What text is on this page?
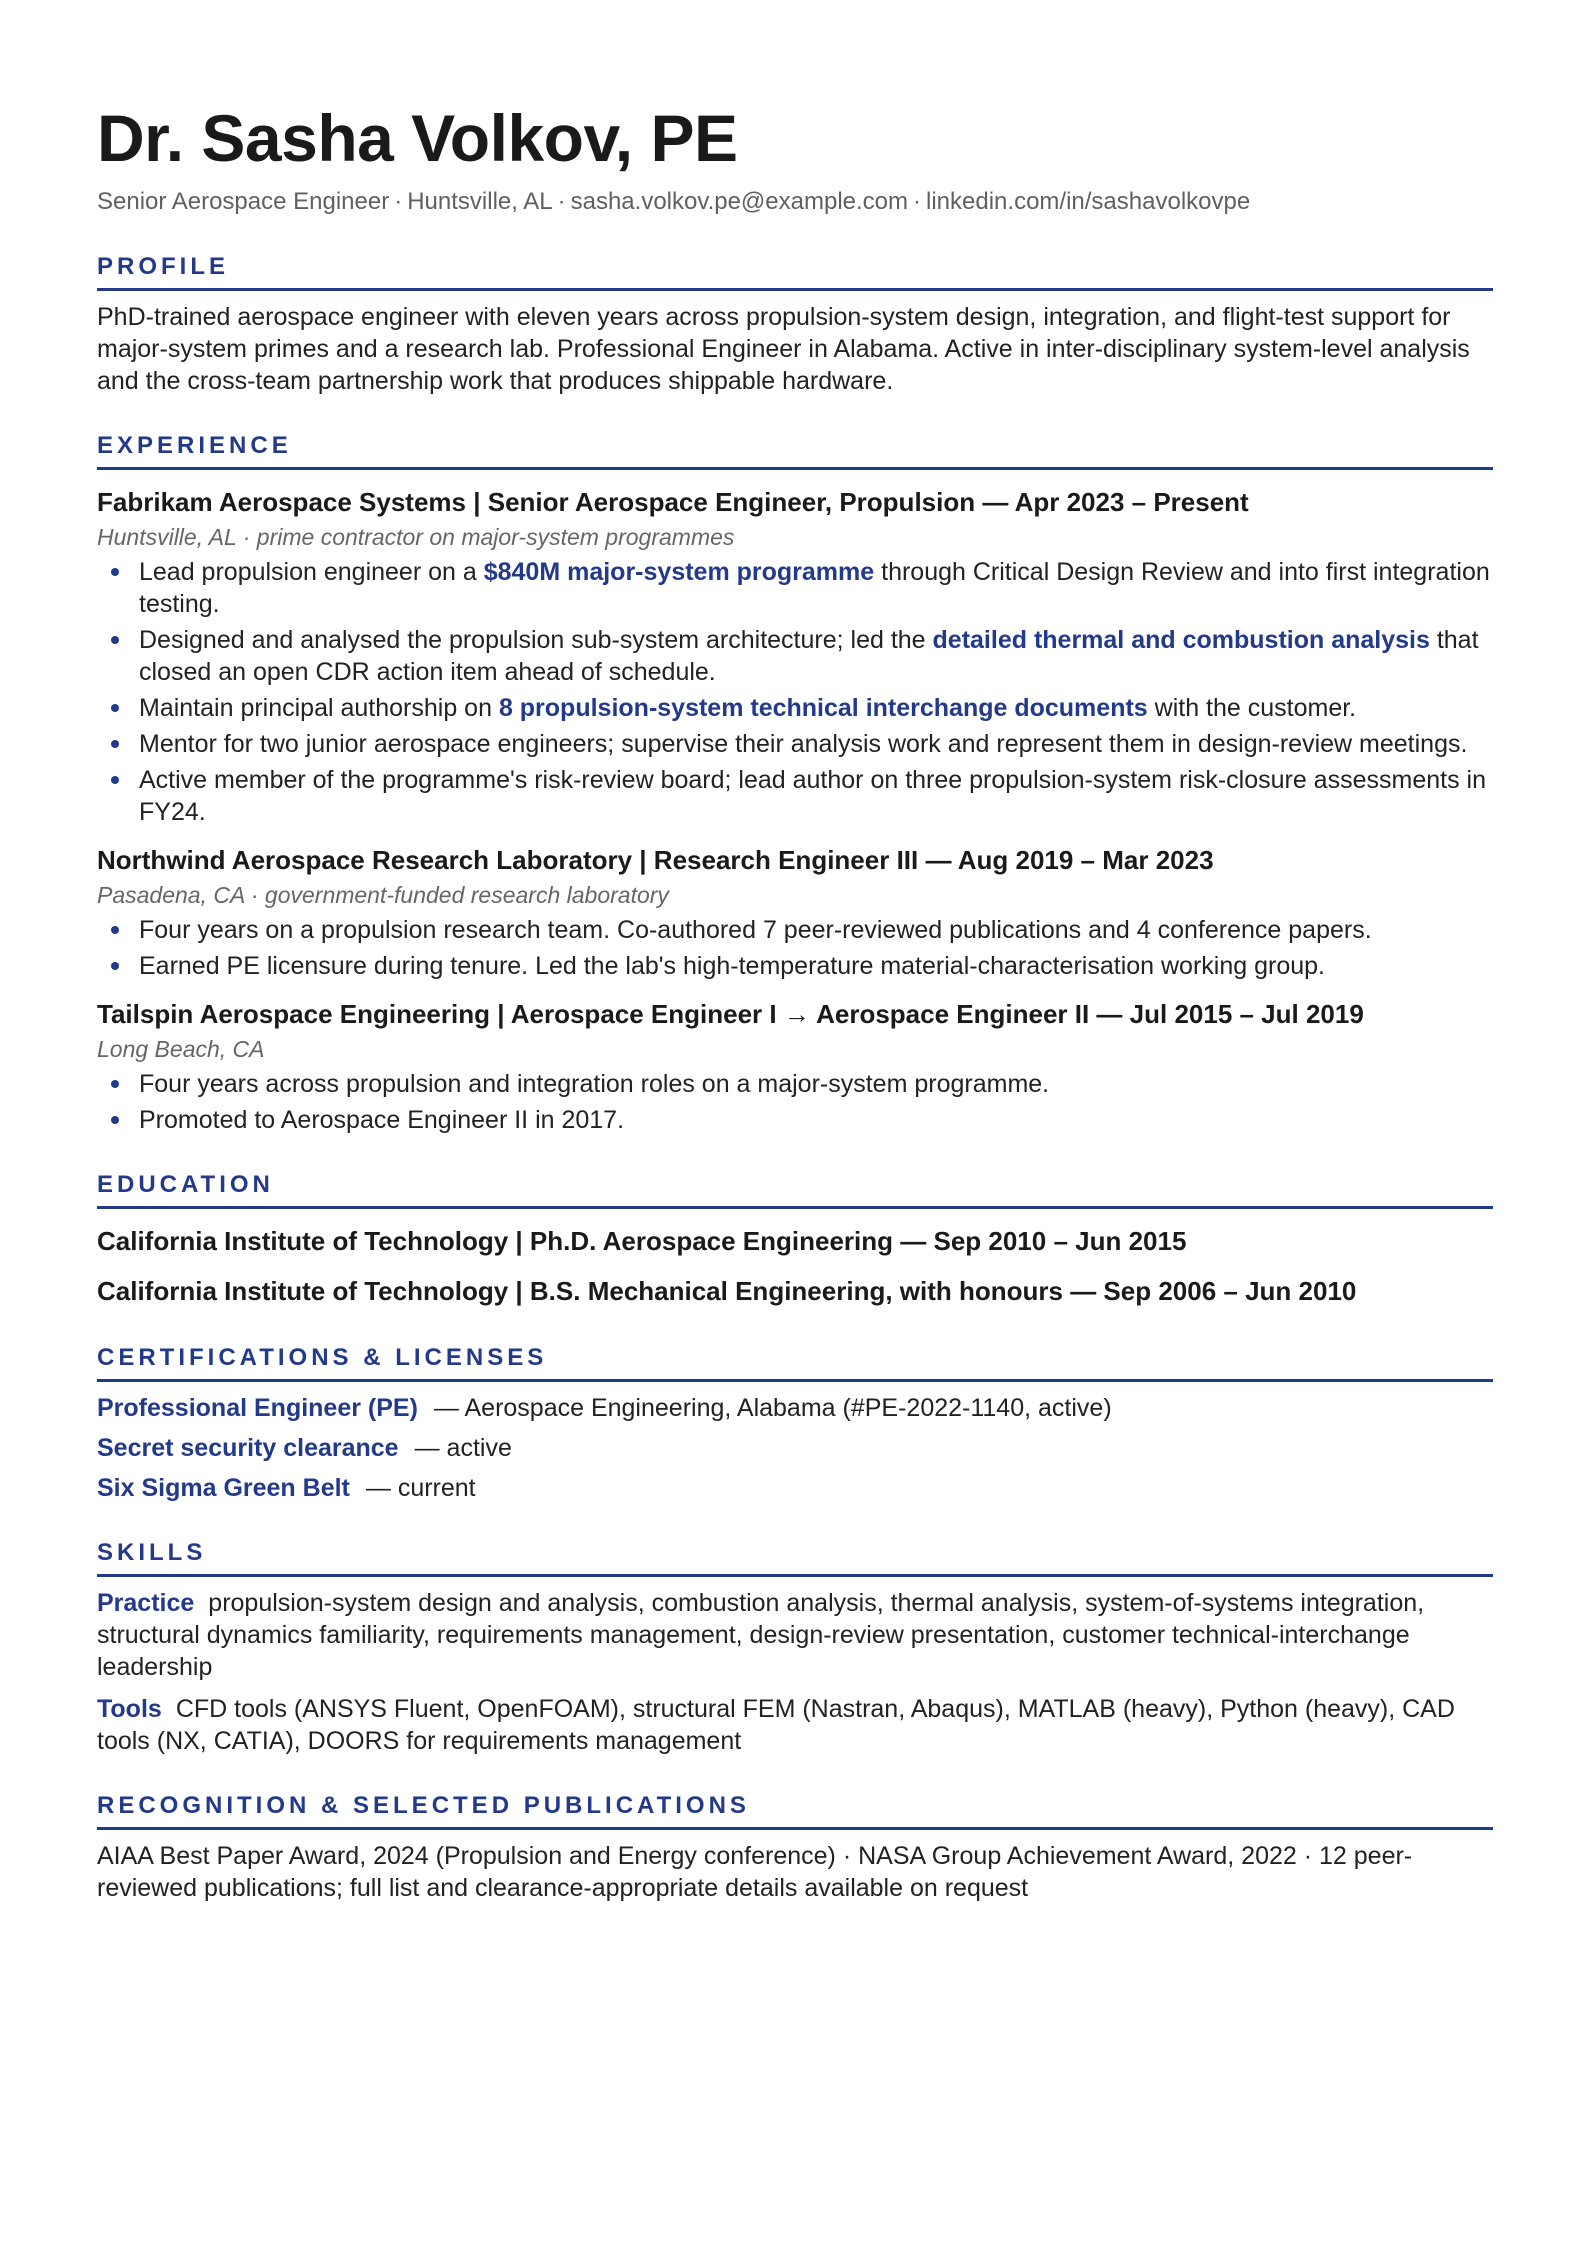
Dr. Sasha Volkov, PE
Senior Aerospace Engineer · Huntsville, AL · sasha.volkov.pe@example.com · linkedin.com/in/sashavolkovpe
PROFILE
PhD-trained aerospace engineer with eleven years across propulsion-system design, integration, and flight-test support for major-system primes and a research lab. Professional Engineer in Alabama. Active in inter-disciplinary system-level analysis and the cross-team partnership work that produces shippable hardware.
EXPERIENCE
Fabrikam Aerospace Systems | Senior Aerospace Engineer, Propulsion — Apr 2023 – Present
Huntsville, AL · prime contractor on major-system programmes
Lead propulsion engineer on a $840M major-system programme through Critical Design Review and into first integration testing.
Designed and analysed the propulsion sub-system architecture; led the detailed thermal and combustion analysis that closed an open CDR action item ahead of schedule.
Maintain principal authorship on 8 propulsion-system technical interchange documents with the customer.
Mentor for two junior aerospace engineers; supervise their analysis work and represent them in design-review meetings.
Active member of the programme's risk-review board; lead author on three propulsion-system risk-closure assessments in FY24.
Northwind Aerospace Research Laboratory | Research Engineer III — Aug 2019 – Mar 2023
Pasadena, CA · government-funded research laboratory
Four years on a propulsion research team. Co-authored 7 peer-reviewed publications and 4 conference papers.
Earned PE licensure during tenure. Led the lab's high-temperature material-characterisation working group.
Tailspin Aerospace Engineering | Aerospace Engineer I → Aerospace Engineer II — Jul 2015 – Jul 2019
Long Beach, CA
Four years across propulsion and integration roles on a major-system programme.
Promoted to Aerospace Engineer II in 2017.
EDUCATION
California Institute of Technology | Ph.D. Aerospace Engineering — Sep 2010 – Jun 2015
California Institute of Technology | B.S. Mechanical Engineering, with honours — Sep 2006 – Jun 2010
CERTIFICATIONS & LICENSES
Professional Engineer (PE) — Aerospace Engineering, Alabama (#PE-2022-1140, active)
Secret security clearance — active
Six Sigma Green Belt — current
SKILLS
Practice propulsion-system design and analysis, combustion analysis, thermal analysis, system-of-systems integration, structural dynamics familiarity, requirements management, design-review presentation, customer technical-interchange leadership
Tools CFD tools (ANSYS Fluent, OpenFOAM), structural FEM (Nastran, Abaqus), MATLAB (heavy), Python (heavy), CAD tools (NX, CATIA), DOORS for requirements management
RECOGNITION & SELECTED PUBLICATIONS
AIAA Best Paper Award, 2024 (Propulsion and Energy conference) · NASA Group Achievement Award, 2022 · 12 peer-reviewed publications; full list and clearance-appropriate details available on request
